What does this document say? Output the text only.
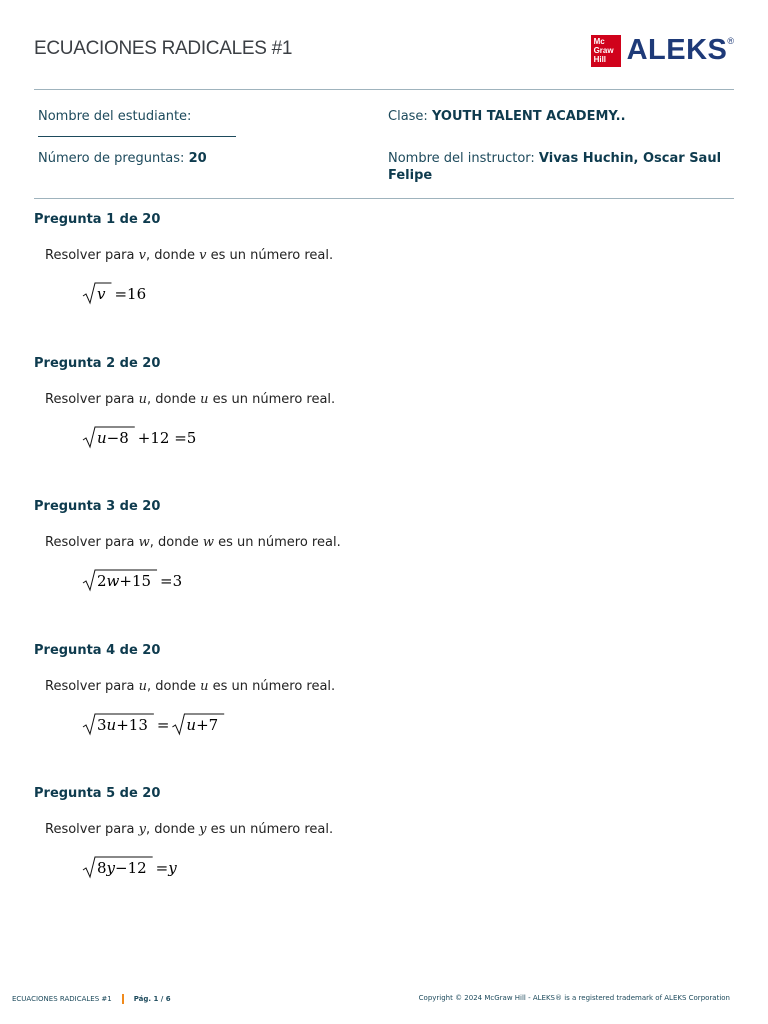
ECUACIONES RADICALES #1	Mc
Graw
Hill ALEKS ®
Nombre del estudiante:	Clase: YOUTH TALENT ACADEMY..
Número de preguntas: 20	Nombre del instructor: Vivas Huchin, Oscar Saul Felipe
Pregunta 1 de 20
Resolver para v, donde v es un número real.
v =16
Pregunta 2 de 20
Resolver para u, donde u es un número real.
u−8 +12 =5
Pregunta 3 de 20
Resolver para w, donde w es un número real.
2w+15 =3
Pregunta 4 de 20
Resolver para u, donde u es un número real.
3u+13 = u+7
Pregunta 5 de 20
Resolver para y, donde y es un número real.
8y−12 =y
ECUACIONES RADICALES #1	Pág. 1 / 6	Copyright © 2024 McGraw Hill - ALEKS® is a registered trademark of ALEKS Corporation
